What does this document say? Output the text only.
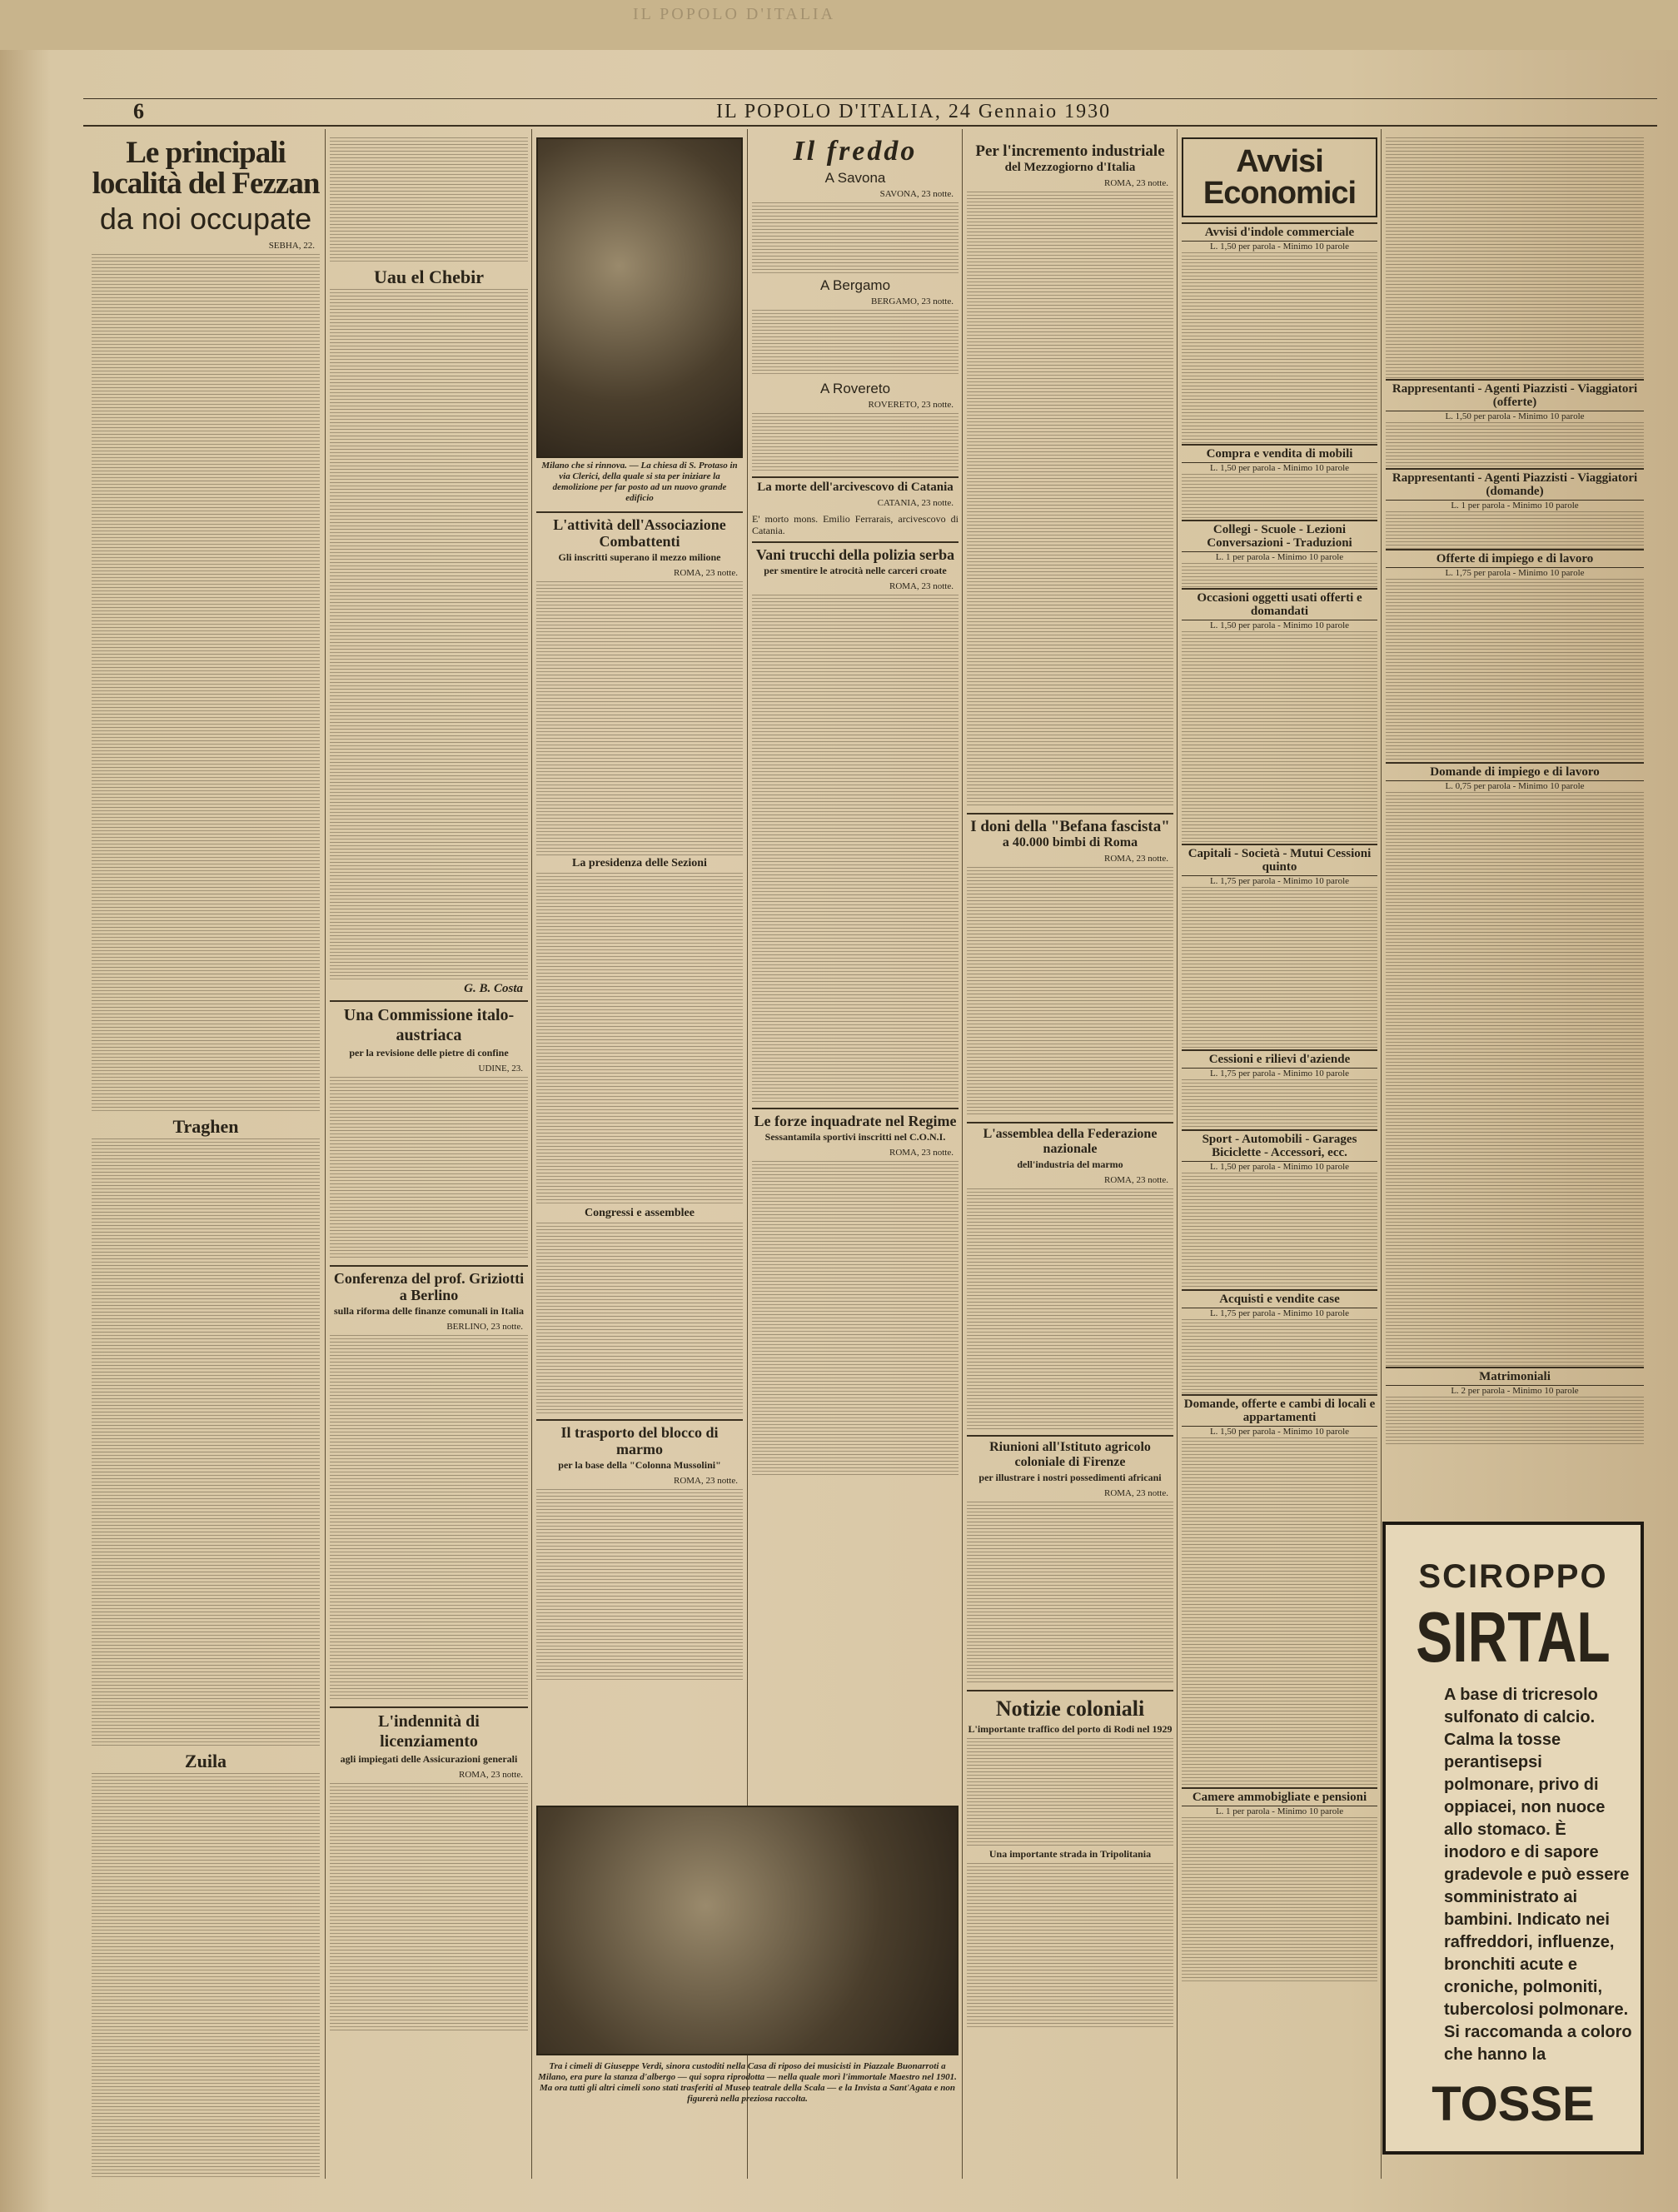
IL POPOLO D'ITALIA
6	IL POPOLO D'ITALIA, 24 Gennaio 1930
Le principali località del Fezzan
da noi occupate
SEBHA, 22.
Traghen
Zuila
Uau el Chebir
G. B. Costa
Una Commissione italo-austriaca
per la revisione delle pietre di confine
UDINE, 23.
Conferenza del prof. Griziotti a Berlino
sulla riforma delle finanze comunali in Italia
BERLINO, 23 notte.
L'indennità di licenziamento
agli impiegati delle Assicurazioni generali
ROMA, 23 notte.
Milano che si rinnova. — La chiesa di S. Protaso in via Clerici, della quale si sta per iniziare la demolizione per far posto ad un nuovo grande edificio
L'attività dell'Associazione Combattenti
Gli inscritti superano il mezzo milione
ROMA, 23 notte.
La presidenza delle Sezioni
Congressi e assemblee
Il trasporto del blocco di marmo
per la base della "Colonna Mussolini"
ROMA, 23 notte.
Il freddo
A Savona
SAVONA, 23 notte.
A Bergamo
BERGAMO, 23 notte.
A Rovereto
ROVERETO, 23 notte.
La morte dell'arcivescovo di Catania
CATANIA, 23 notte.
E' morto mons. Emilio Ferrarais, arcivescovo di Catania.
Vani trucchi della polizia serba
per smentire le atrocità nelle carceri croate
ROMA, 23 notte.
Le forze inquadrate nel Regime
Sessantamila sportivi inscritti nel C.O.N.I.
ROMA, 23 notte.
Tra i cimeli di Giuseppe Verdi, sinora custoditi nella Casa di riposo dei musicisti in Piazzale Buonarroti a Milano, era pure la stanza d'albergo — qui sopra riprodotta — nella quale morì l'immortale Maestro nel 1901. Ma ora tutti gli altri cimeli sono stati trasferiti al Museo teatrale della Scala — e la Invista a Sant'Agata e non figurerà nella preziosa raccolta.
Per l'incremento industriale
del Mezzogiorno d'Italia
ROMA, 23 notte.
I doni della "Befana fascista"
a 40.000 bimbi di Roma
ROMA, 23 notte.
L'assemblea della Federazione nazionale
dell'industria del marmo
ROMA, 23 notte.
Riunioni all'Istituto agricolo coloniale di Firenze
per illustrare i nostri possedimenti africani
ROMA, 23 notte.
Notizie coloniali
L'importante traffico del porto di Rodi nel 1929
Una importante strada in Tripolitania
Avvisi Economici
Avvisi d'indole commerciale
L. 1,50 per parola - Minimo 10 parole
Compra e vendita di mobili
L. 1,50 per parola - Minimo 10 parole
Collegi - Scuole - Lezioni Conversazioni - Traduzioni
L. 1 per parola - Minimo 10 parole
Occasioni oggetti usati offerti e domandati
L. 1,50 per parola - Minimo 10 parole
Capitali - Società - Mutui Cessioni quinto
L. 1,75 per parola - Minimo 10 parole
Cessioni e rilievi d'aziende
L. 1,75 per parola - Minimo 10 parole
Sport - Automobili - Garages Biciclette - Accessori, ecc.
L. 1,50 per parola - Minimo 10 parole
Acquisti e vendite case
L. 1,75 per parola - Minimo 10 parole
Domande, offerte e cambi di locali e appartamenti
L. 1,50 per parola - Minimo 10 parole
Camere ammobigliate e pensioni
L. 1 per parola - Minimo 10 parole
Rappresentanti - Agenti Piazzisti - Viaggiatori (offerte)
L. 1,50 per parola - Minimo 10 parole
Rappresentanti - Agenti Piazzisti - Viaggiatori (domande)
L. 1 per parola - Minimo 10 parole
Offerte di impiego e di lavoro
L. 1,75 per parola - Minimo 10 parole
Domande di impiego e di lavoro
L. 0,75 per parola - Minimo 10 parole
Matrimoniali
L. 2 per parola - Minimo 10 parole
SCIROPPO
SIRTAL
A base di tricresolo sulfonato di calcio. Calma la tosse perantisepsi polmonare, privo di oppiacei, non nuoce allo stomaco. È inodoro e di sapore gradevole e può essere somministrato ai bambini. Indicato nei raffreddori, influenze, bronchiti acute e croniche, polmoniti, tubercolosi polmonare. Si raccomanda a coloro che hanno la
TOSSE
